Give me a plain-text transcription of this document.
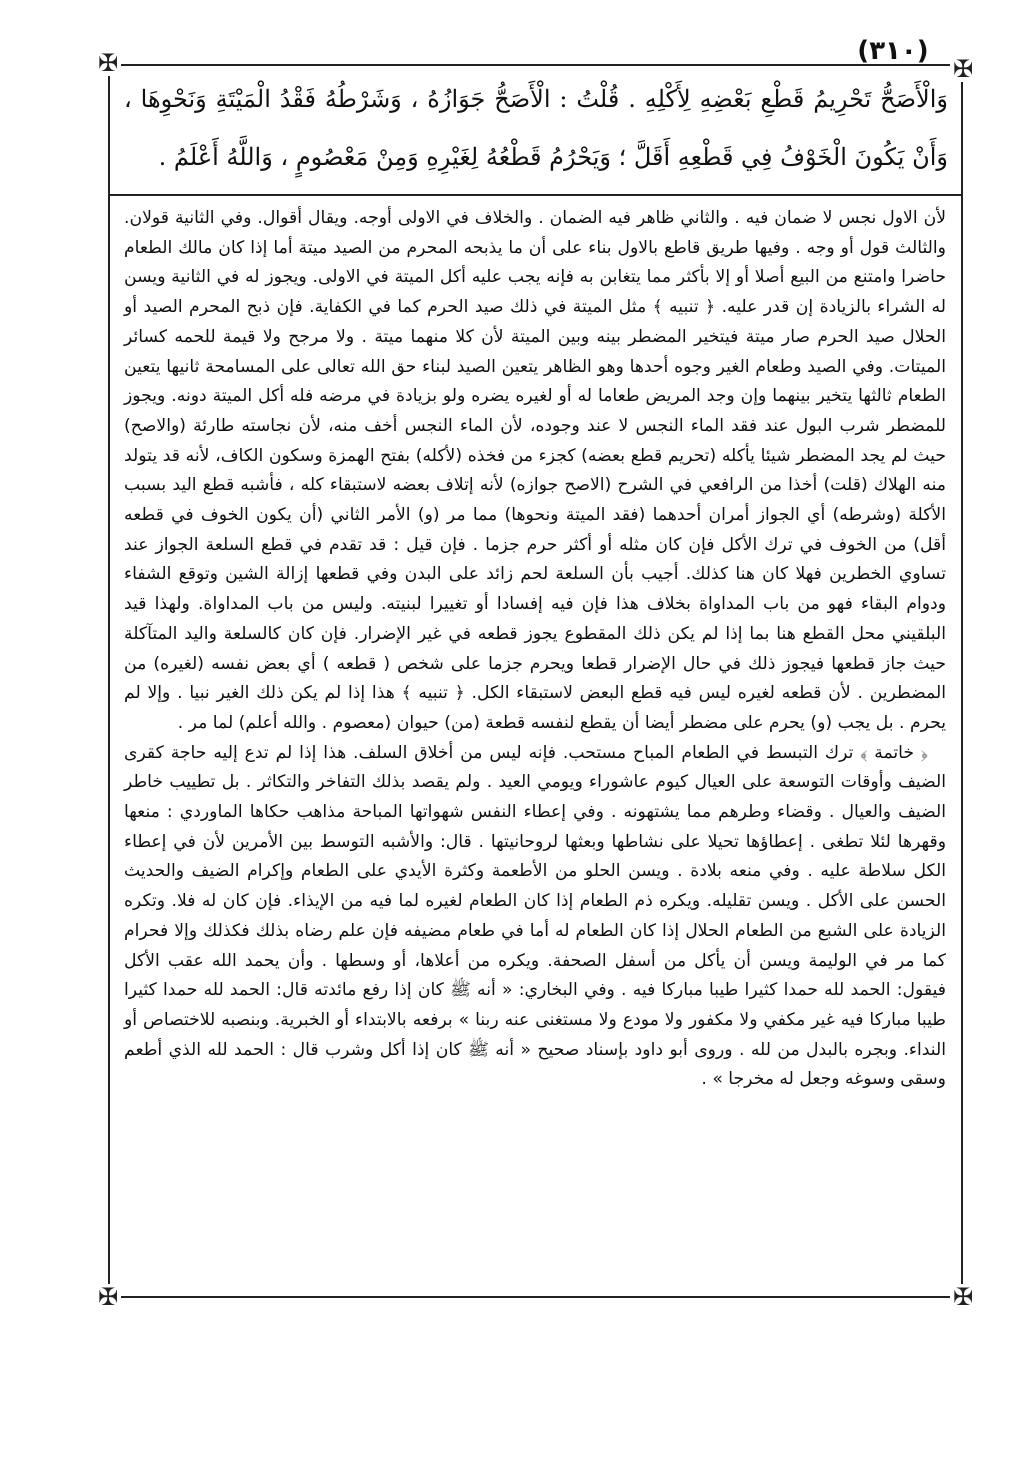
(٣١٠)
✠	✠
✠	✠
وَالْأَصَحُّ تَحْرِيمُ قَطْعِ بَعْضِهِ لِأَكْلِهِ . قُلْتُ : الْأَصَحُّ جَوَازُهُ ، وَشَرْطُهُ فَقْدُ الْمَيْتَةِ وَنَحْوِهَا ، وَأَنْ يَكُونَ الْخَوْفُ فِي قَطْعِهِ أَقَلَّ ؛ وَيَحْرُمُ قَطْعُهُ لِغَيْرِهِ وَمِنْ مَعْصُومٍ ، وَاللَّهُ أَعْلَمُ .

لأن الاول نجس لا ضمان فيه . والثاني ظاهر فيه الضمان . والخلاف في الاولى أوجه. ويقال أقوال. وفي الثانية قولان. والثالث قول أو وجه . وفيها طريق قاطع بالاول بناء على أن ما يذبحه المحرم من الصيد ميتة أما إذا كان مالك الطعام حاضرا وامتنع من البيع أصلا أو إلا بأكثر مما يتغابن به فإنه يجب عليه أكل الميتة في الاولى. ويجوز له في الثانية ويسن له الشراء بالزيادة إن قدر عليه. ﴿ تنبيه ﴾ مثل الميتة في ذلك صيد الحرم كما في الكفاية. فإن ذبح المحرم الصيد أو الحلال صيد الحرم صار ميتة فيتخير المضطر بينه وبين الميتة لأن كلا منهما ميتة . ولا مرجح ولا قيمة للحمه كسائر الميتات. وفي الصيد وطعام الغير وجوه أحدها وهو الظاهر يتعين الصيد لبناء حق الله تعالى على المسامحة ثانيها يتعين الطعام ثالثها يتخير بينهما وإن وجد المريض طعاما له أو لغيره يضره ولو بزيادة في مرضه فله أكل الميتة دونه. ويجوز للمضطر شرب البول عند فقد الماء النجس لا عند وجوده، لأن الماء النجس أخف منه، لأن نجاسته طارئة (والاصح) حيث لم يجد المضطر شيئا يأكله (تحريم قطع بعضه) كجزء من فخذه (لأكله) بفتح الهمزة وسكون الكاف، لأنه قد يتولد منه الهلاك (قلت) أخذا من الرافعي في الشرح (الاصح جوازه) لأنه إتلاف بعضه لاستبقاء كله ، فأشبه قطع اليد بسبب الأكلة (وشرطه) أي الجواز أمران أحدهما (فقد الميتة ونحوها) مما مر (و) الأمر الثاني (أن يكون الخوف في قطعه أقل) من الخوف في ترك الأكل فإن كان مثله أو أكثر حرم جزما . فإن قيل : قد تقدم في قطع السلعة الجواز عند تساوي الخطرين فهلا كان هنا كذلك. أجيب بأن السلعة لحم زائد على البدن وفي قطعها إزالة الشين وتوقع الشفاء ودوام البقاء فهو من باب المداواة بخلاف هذا فإن فيه إفسادا أو تغييرا لبنيته. وليس من باب المداواة. ولهذا قيد البلقيني محل القطع هنا بما إذا لم يكن ذلك المقطوع يجوز قطعه في غير الإضرار. فإن كان كالسلعة واليد المتآكلة حيث جاز قطعها فيجوز ذلك في حال الإضرار قطعا ويحرم جزما على شخص ( قطعه ) أي بعض نفسه (لغيره) من المضطرين . لأن قطعه لغيره ليس فيه قطع البعض لاستبقاء الكل. ﴿ تنبيه ﴾ هذا إذا لم يكن ذلك الغير نبيا . وإلا لم يحرم . بل يجب (و) يحرم على مضطر أيضا أن يقطع لنفسه قطعة (من) حيوان (معصوم . والله أعلم) لما مر .

﴿ خاتمة ﴾ ترك التبسط في الطعام المباح مستحب. فإنه ليس من أخلاق السلف. هذا إذا لم تدع إليه حاجة كقرى الضيف وأوقات التوسعة على العيال كيوم عاشوراء ويومي العيد . ولم يقصد بذلك التفاخر والتكاثر . بل تطييب خاطر الضيف والعيال . وقضاء وطرهم مما يشتهونه . وفي إعطاء النفس شهواتها المباحة مذاهب حكاها الماوردي : منعها وقهرها لئلا تطغى . إعطاؤها تحيلا على نشاطها وبعثها لروحانيتها . قال: والأشبه التوسط بين الأمرين لأن في إعطاء الكل سلاطة عليه . وفي منعه بلادة . ويسن الحلو من الأطعمة وكثرة الأيدي على الطعام وإكرام الضيف والحديث الحسن على الأكل . ويسن تقليله. ويكره ذم الطعام إذا كان الطعام لغيره لما فيه من الإيذاء. فإن كان له فلا. وتكره الزيادة على الشبع من الطعام الحلال إذا كان الطعام له أما في طعام مضيفه فإن علم رضاه بذلك فكذلك وإلا فحرام كما مر في الوليمة ويسن أن يأكل من أسفل الصحفة. ويكره من أعلاها، أو وسطها . وأن يحمد الله عقب الأكل فيقول: الحمد لله حمدا كثيرا طيبا مباركا فيه . وفي البخاري: « أنه ﷺ كان إذا رفع مائدته قال: الحمد لله حمدا كثيرا طيبا مباركا فيه غير مكفي ولا مكفور ولا مودع ولا مستغنى عنه ربنا » برفعه بالابتداء أو الخبرية. وبنصبه للاختصاص أو النداء. وبجره بالبدل من لله . وروى أبو داود بإسناد صحيح « أنه ﷺ كان إذا أكل وشرب قال : الحمد لله الذي أطعم وسقى وسوغه وجعل له مخرجا » .
